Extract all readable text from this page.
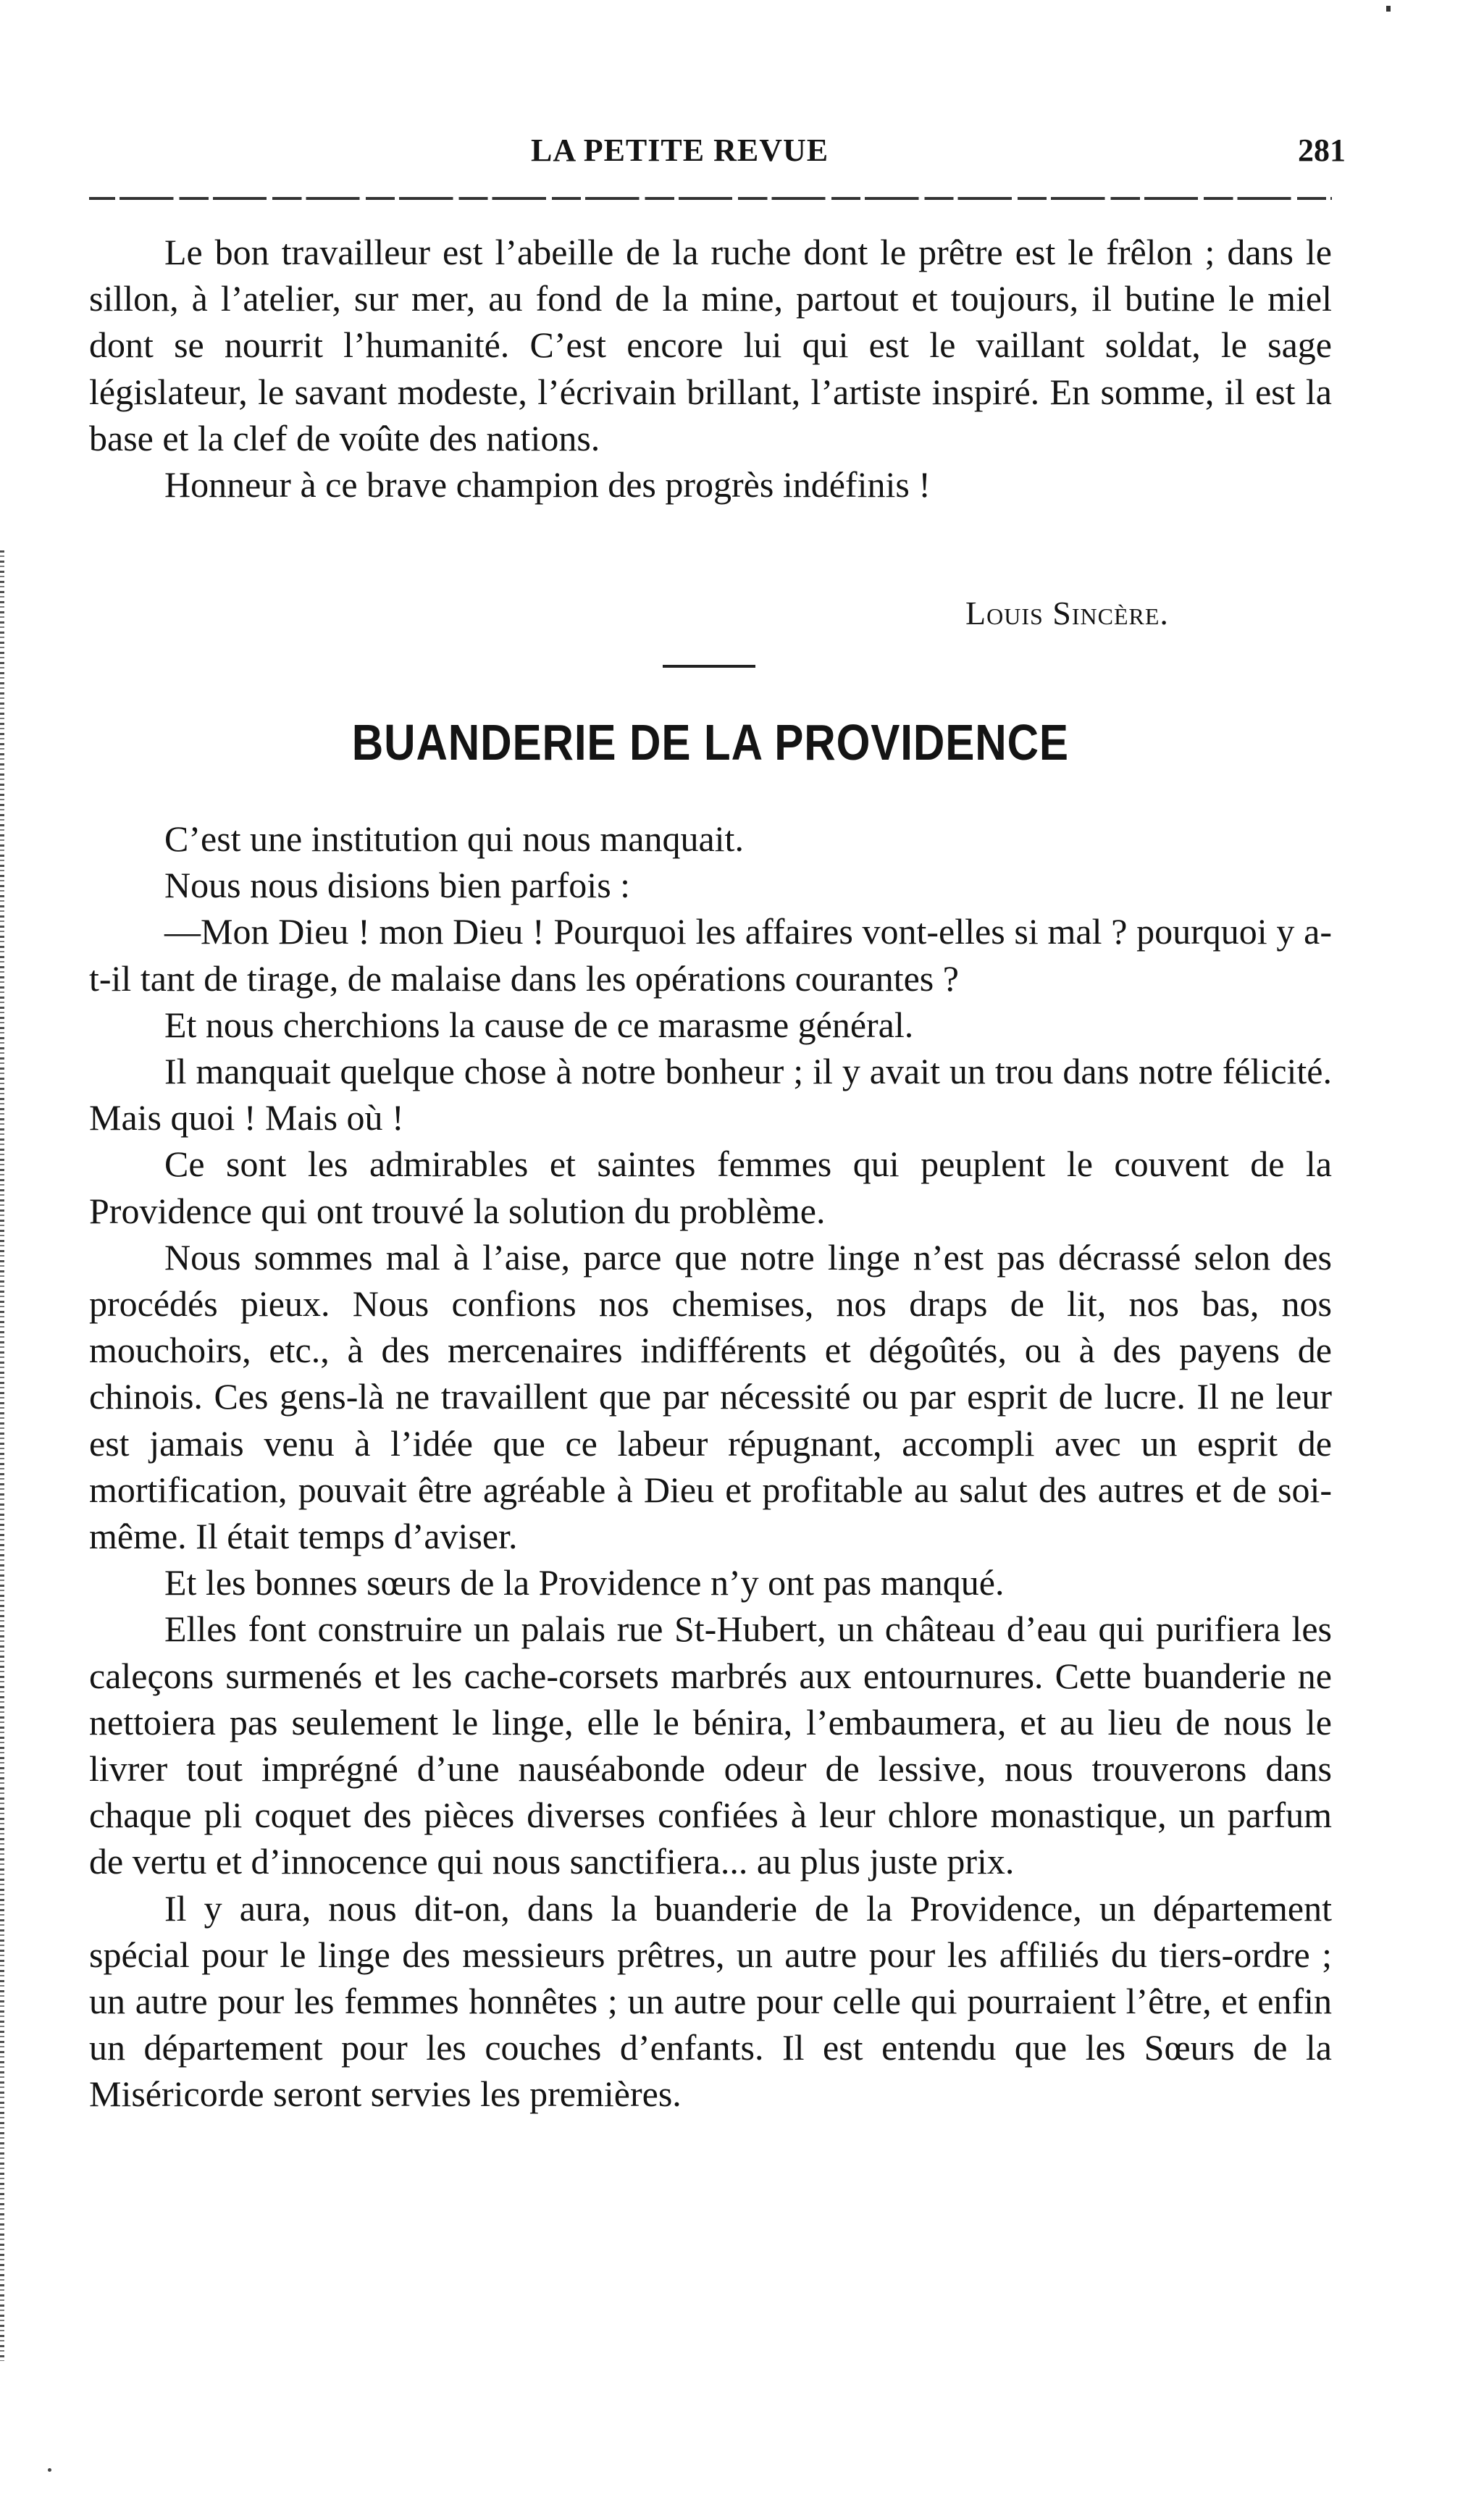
LA PETITE REVUE	281

Le bon travailleur est l’abeille de la ruche dont le prêtre est le frêlon ; dans le sillon, à l’atelier, sur mer, au fond de la mine, partout et toujours, il butine le miel dont se nourrit l’humanité. C’est encore lui qui est le vaillant soldat, le sage législateur, le savant modeste, l’écrivain brillant, l’artiste inspiré. En somme, il est la base et la clef de voûte des nations.

Honneur à ce brave champion des progrès indéfinis !

Louis Sincère.
BUANDERIE DE LA PROVIDENCE

C’est une institution qui nous manquait.

Nous nous disions bien parfois :

—Mon Dieu ! mon Dieu ! Pourquoi les affaires vont-elles si mal ? pourquoi y a-t-il tant de tirage, de malaise dans les opérations courantes ?

Et nous cherchions la cause de ce marasme général.

Il manquait quelque chose à notre bonheur ; il y avait un trou dans notre félicité. Mais quoi ! Mais où !

Ce sont les admirables et saintes femmes qui peuplent le couvent de la Providence qui ont trouvé la solution du problème.

Nous sommes mal à l’aise, parce que notre linge n’est pas décrassé selon des procédés pieux. Nous confions nos chemises, nos draps de lit, nos bas, nos mouchoirs, etc., à des mercenaires indifférents et dégoûtés, ou à des payens de chinois. Ces gens-là ne travaillent que par nécessité ou par esprit de lucre. Il ne leur est jamais venu à l’idée que ce labeur répugnant, accompli avec un esprit de mortification, pouvait être agréable à Dieu et profitable au salut des autres et de soi-même. Il était temps d’aviser.

Et les bonnes sœurs de la Providence n’y ont pas manqué.

Elles font construire un palais rue St-Hubert, un château d’eau qui purifiera les caleçons surmenés et les cache-corsets marbrés aux entournures. Cette buanderie ne nettoiera pas seulement le linge, elle le bénira, l’embaumera, et au lieu de nous le livrer tout imprégné d’une nauséabonde odeur de lessive, nous trouverons dans chaque pli coquet des pièces diverses confiées à leur chlore monastique, un parfum de vertu et d’innocence qui nous sanctifiera... au plus juste prix.

Il y aura, nous dit-on, dans la buanderie de la Providence, un département spécial pour le linge des messieurs prêtres, un autre pour les affiliés du tiers-ordre ; un autre pour les femmes honnêtes ; un autre pour celle qui pourraient l’être, et enfin un département pour les couches d’enfants. Il est entendu que les Sœurs de la Miséricorde seront servies les premières.
